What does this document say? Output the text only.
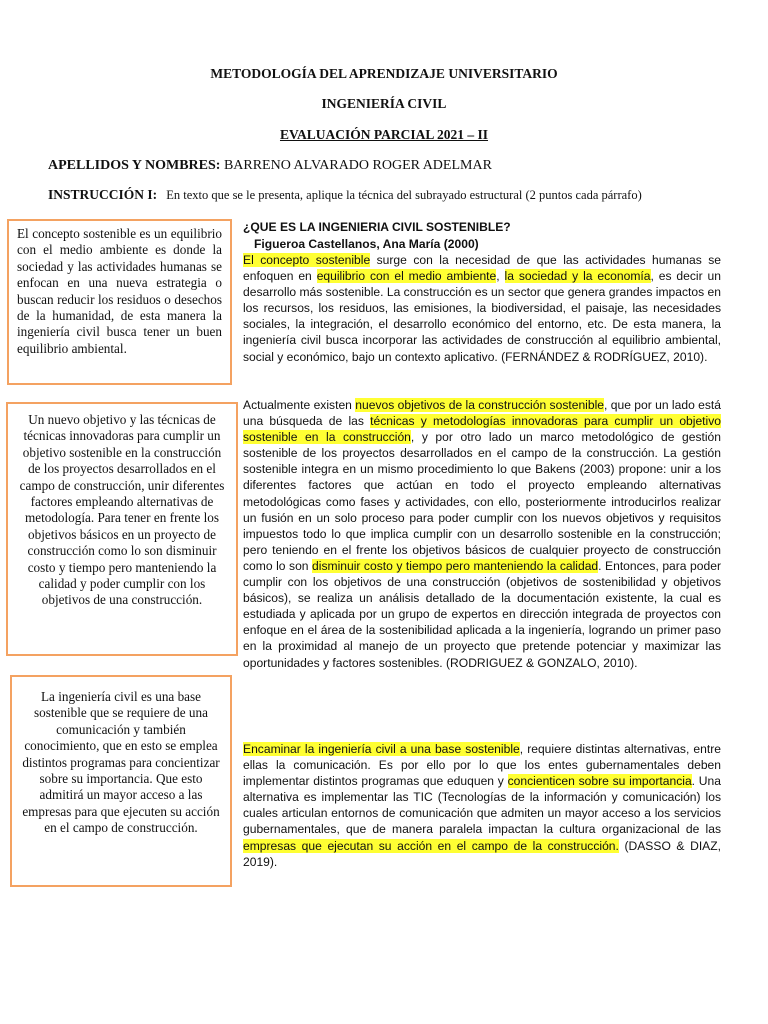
METODOLOGÍA DEL APRENDIZAJE UNIVERSITARIO
INGENIERÍA CIVIL
EVALUACIÓN PARCIAL 2021 – II
APELLIDOS Y NOMBRES: BARRENO ALVARADO ROGER ADELMAR
INSTRUCCIÓN I: En texto que se le presenta, aplique la técnica del subrayado estructural (2 puntos cada párrafo)
El concepto sostenible es un equilibrio con el medio ambiente es donde la sociedad y las actividades humanas se enfocan en una nueva estrategia o buscan reducir los residuos o desechos de la humanidad, de esta manera la ingeniería civil busca tener un buen equilibrio ambiental.
Un nuevo objetivo y las técnicas de técnicas innovadoras para cumplir un objetivo sostenible en la construcción de los proyectos desarrollados en el campo de construcción, unir diferentes factores empleando alternativas de metodología. Para tener en frente los objetivos básicos en un proyecto de construcción como lo son disminuir costo y tiempo pero manteniendo la calidad y poder cumplir con los objetivos de una construcción.
La ingeniería civil es una base sostenible que se requiere de una comunicación y también conocimiento, que en esto se emplea distintos programas para concientizar sobre su importancia. Que esto admitirá un mayor acceso a las empresas para que ejecuten su acción en el campo de construcción.
¿QUE ES LA INGENIERIA CIVIL SOSTENIBLE?
Figueroa Castellanos, Ana María (2000)
El concepto sostenible surge con la necesidad de que las actividades humanas se enfoquen en equilibrio con el medio ambiente, la sociedad y la economía, es decir un desarrollo más sostenible. La construcción es un sector que genera grandes impactos en los recursos, los residuos, las emisiones, la biodiversidad, el paisaje, las necesidades sociales, la integración, el desarrollo económico del entorno, etc. De esta manera, la ingeniería civil busca incorporar las actividades de construcción al equilibrio ambiental, social y económico, bajo un contexto aplicativo. (FERNÁNDEZ & RODRÍGUEZ, 2010).
Actualmente existen nuevos objetivos de la construcción sostenible, que por un lado está una búsqueda de las técnicas y metodologías innovadoras para cumplir un objetivo sostenible en la construcción, y por otro lado un marco metodológico de gestión sostenible de los proyectos desarrollados en el campo de la construcción. La gestión sostenible integra en un mismo procedimiento lo que Bakens (2003) propone: unir a los diferentes factores que actúan en todo el proyecto empleando alternativas metodológicas como fases y actividades, con ello, posteriormente introducirlos realizar un fusión en un solo proceso para poder cumplir con los nuevos objetivos y requisitos impuestos todo lo que implica cumplir con un desarrollo sostenible en la construcción; pero teniendo en el frente los objetivos básicos de cualquier proyecto de construcción como lo son disminuir costo y tiempo pero manteniendo la calidad. Entonces, para poder cumplir con los objetivos de una construcción (objetivos de sostenibilidad y objetivos básicos), se realiza un análisis detallado de la documentación existente, la cual es estudiada y aplicada por un grupo de expertos en dirección integrada de proyectos con enfoque en el área de la sostenibilidad aplicada a la ingeniería, logrando un primer paso en la proximidad al manejo de un proyecto que pretende potenciar y maximizar las oportunidades y factores sostenibles. (RODRIGUEZ & GONZALO, 2010).
Encaminar la ingeniería civil a una base sostenible, requiere distintas alternativas, entre ellas la comunicación. Es por ello por lo que los entes gubernamentales deben implementar distintos programas que eduquen y concienticen sobre su importancia. Una alternativa es implementar las TIC (Tecnologías de la información y comunicación) los cuales articulan entornos de comunicación que admiten un mayor acceso a los servicios gubernamentales, que de manera paralela impactan la cultura organizacional de las empresas que ejecutan su acción en el campo de la construcción. (DASSO & DIAZ, 2019).
